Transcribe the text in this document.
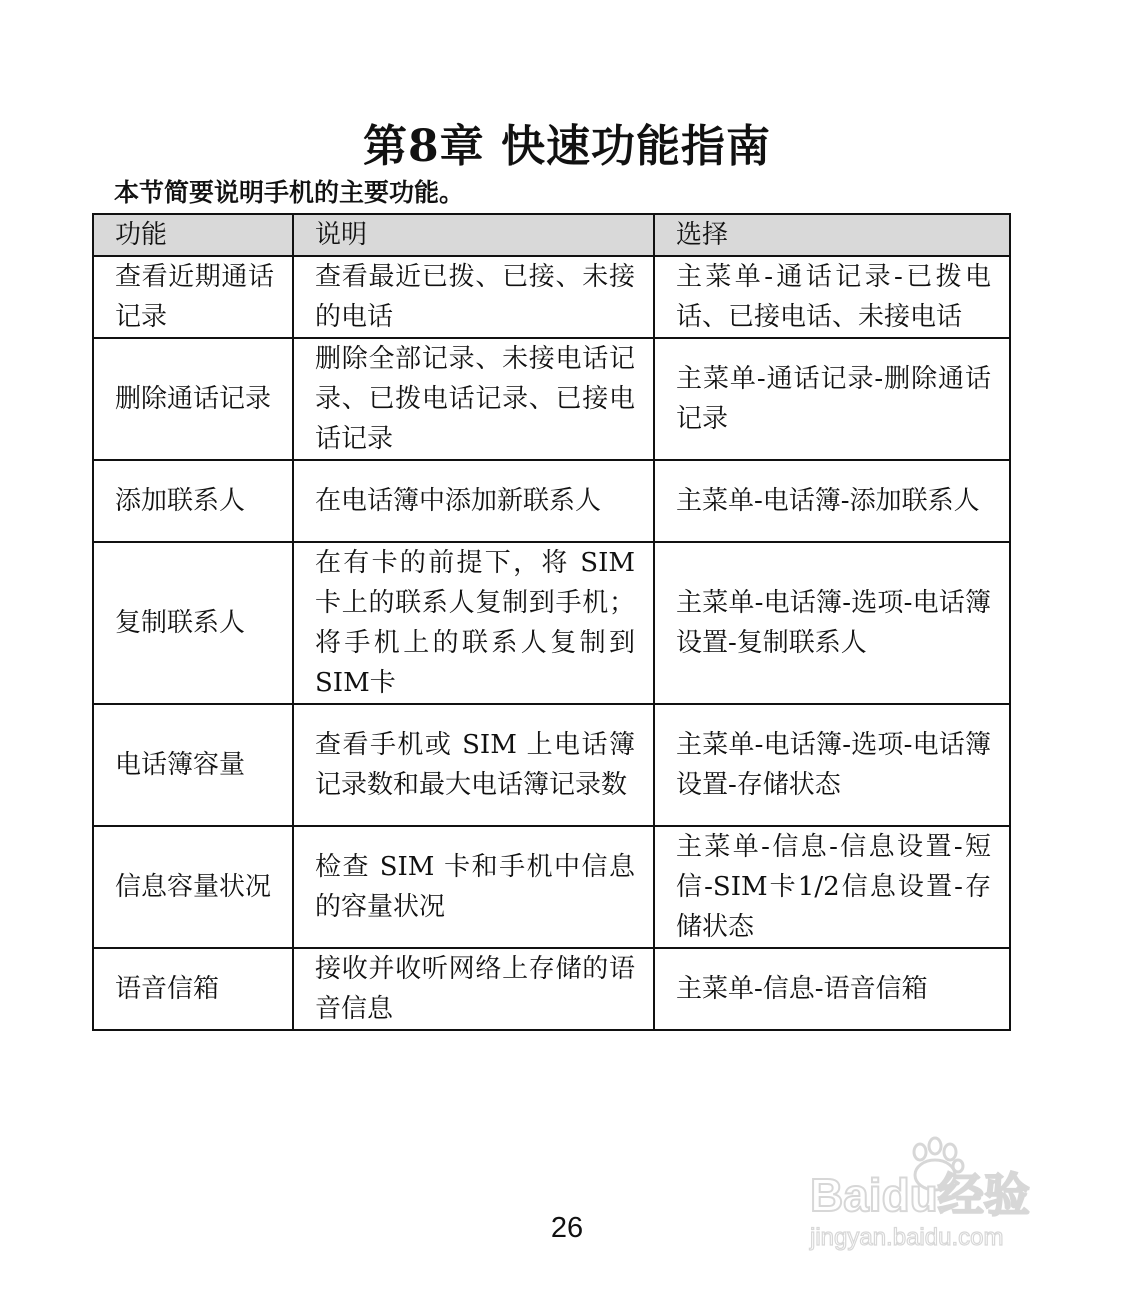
第8章 快速功能指南

本节简要说明手机的主要功能。

功能	说明	选择
查看近期通话记录	查看最近已拨、已接、未接的电话	主菜单-通话记录-已拨电话、已接电话、未接电话
删除通话记录	删除全部记录、未接电话记录、已拨电话记录、已接电话记录	主菜单-通话记录-删除通话记录
添加联系人	在电话簿中添加新联系人	主菜单-电话簿-添加联系人
复制联系人	在有卡的前提下，将 SIM 卡上的联系人复制到手机；将手机上的联系人复制到SIM卡	主菜单-电话簿-选项-电话簿设置-复制联系人
电话簿容量	查看手机或 SIM 上电话簿记录数和最大电话簿记录数	主菜单-电话簿-选项-电话簿设置-存储状态
信息容量状况	检查 SIM 卡和手机中信息的容量状况	主菜单-信息-信息设置-短信-SIM卡1/2信息设置-存储状态
语音信箱	接收并收听网络上存储的语音信息	主菜单-信息-语音信箱
Baidu经验
jingyan.baidu.com

26
